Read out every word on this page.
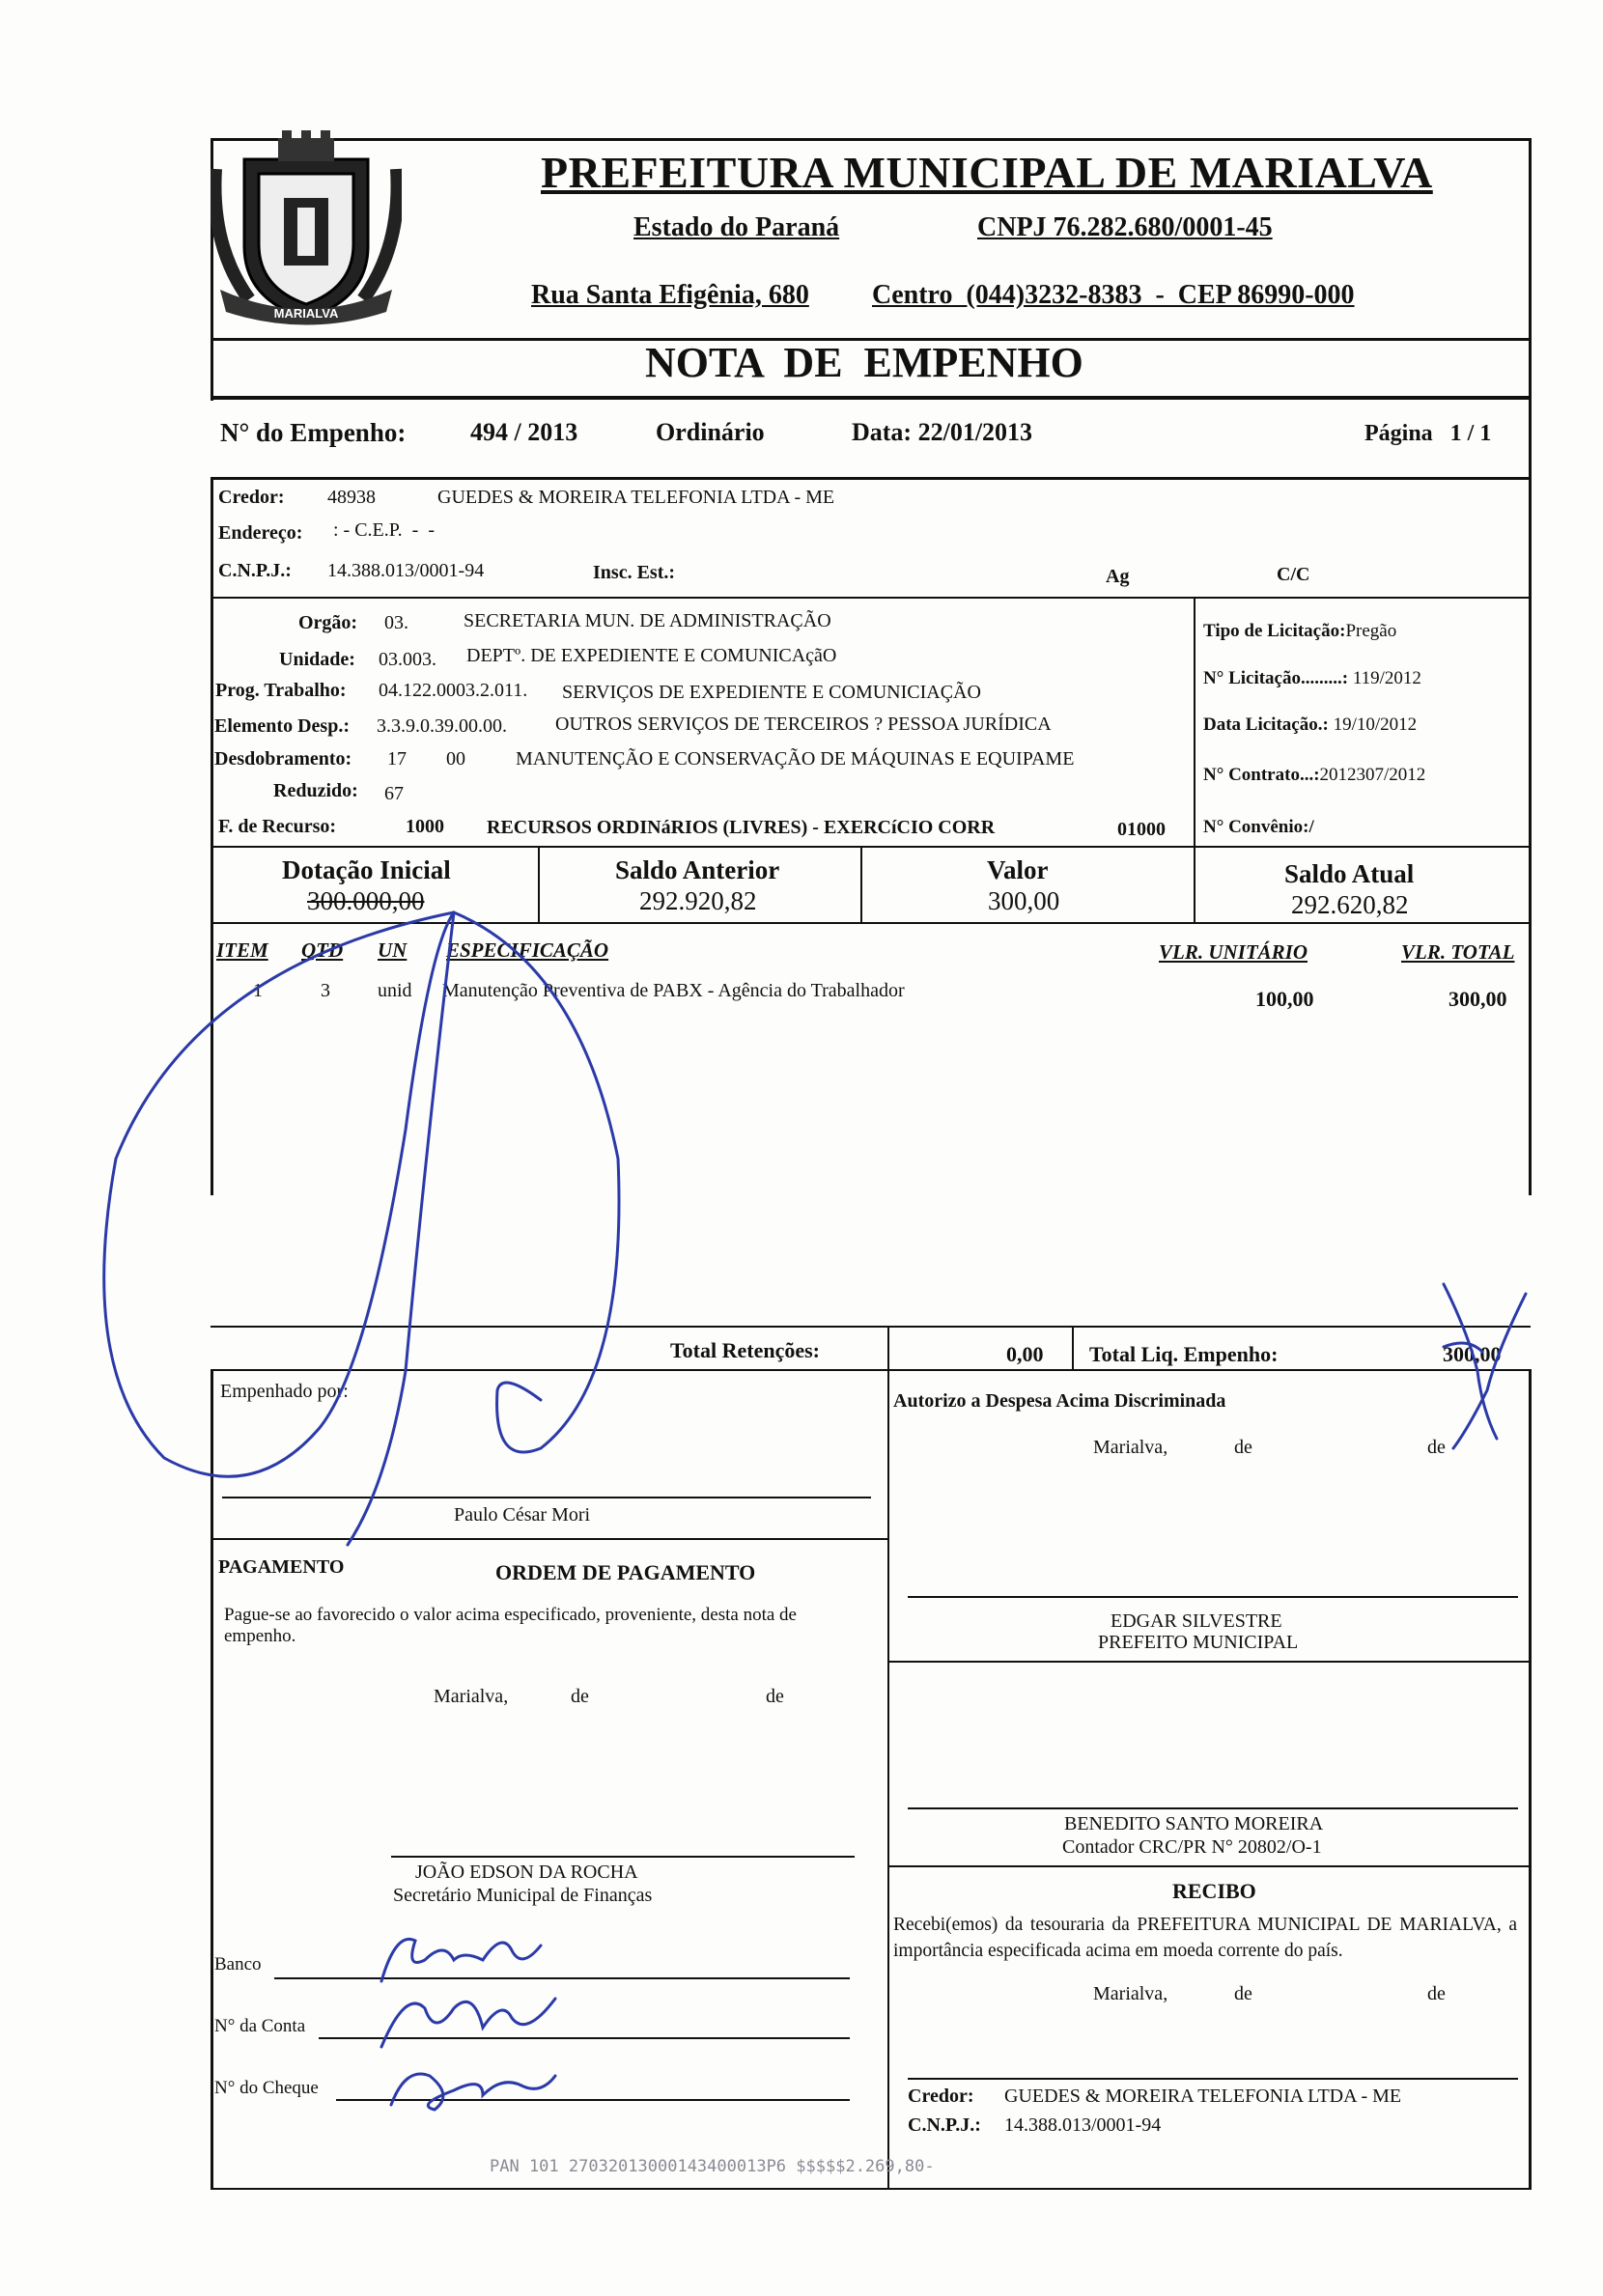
MARIALVA
PREFEITURA MUNICIPAL DE MARIALVA
Estado do Paraná	CNPJ 76.282.680/0001-45
Rua Santa Efigênia, 680 Centro  (044)3232-8383  -  CEP 86990-000
NOTA  DE  EMPENHO
N° do Empenho:	494 / 2013	Ordinário	Data: 22/01/2013	Página   1 / 1
Credor: 48938	GUEDES & MOREIRA TELEFONIA LTDA - ME
Endereço: : - C.E.P.  -  -
C.N.P.J.: 14.388.013/0001-94	Insc. Est.:	Ag	C/C
Orgão: 03.	SECRETARIA MUN. DE ADMINISTRAÇÃO
Unidade: 03.003. DEPTº. DE EXPEDIENTE E COMUNICAçãO
Prog. Trabalho: 04.122.0003.2.011. SERVIÇOS DE EXPEDIENTE E COMUNICIAÇÃO
Elemento Desp.: 3.3.9.0.39.00.00.	OUTROS SERVIÇOS DE TERCEIROS ? PESSOA JURÍDICA
Desdobramento: 17 00	MANUTENÇÃO E CONSERVAÇÃO DE MÁQUINAS E EQUIPAME
Reduzido: 67
F. de Recurso:	1000 RECURSOS ORDINáRIOS (LIVRES) - EXERCíCIO CORR	01000
Tipo de Licitação:Pregão
N° Licitação.........: 119/2012
Data Licitação.: 19/10/2012
N° Contrato...:2012307/2012
N° Convênio:/
Dotação Inicial
300.000,00
Saldo Anterior
292.920,82
Valor
300,00
Saldo Atual
292.620,82
ITEM QTD UN ESPECIFICAÇÃO	VLR. UNITÁRIO	VLR. TOTAL
1	3 unid Manutenção Preventiva de PABX - Agência do Trabalhador	100,00	300,00
Total Retenções:	0,00 Total Liq. Empenho:	300,00
Empenhado por:
Paulo César Mori
Autorizo a Despesa Acima Discriminada
Marialva,	de	de
EDGAR SILVESTRE
PREFEITO MUNICIPAL
PAGAMENTO	ORDEM DE PAGAMENTO
Pague-se ao favorecido o valor acima especificado, proveniente, desta nota de empenho.
Marialva,	de	de
JOÃO EDSON DA ROCHA
Secretário Municipal de Finanças
Banco
N° da Conta
N° do Cheque
BENEDITO SANTO MOREIRA
Contador CRC/PR N° 20802/O-1
RECIBO
Recebi(emos) da tesouraria da PREFEITURA MUNICIPAL DE MARIALVA, a importância especificada acima em moeda corrente do país.
Marialva,	de	de
Credor: GUEDES & MOREIRA TELEFONIA LTDA - ME
C.N.P.J.: 14.388.013/0001-94
PAN 101 27032013000143400013P6 $$$$$2.269,80-
